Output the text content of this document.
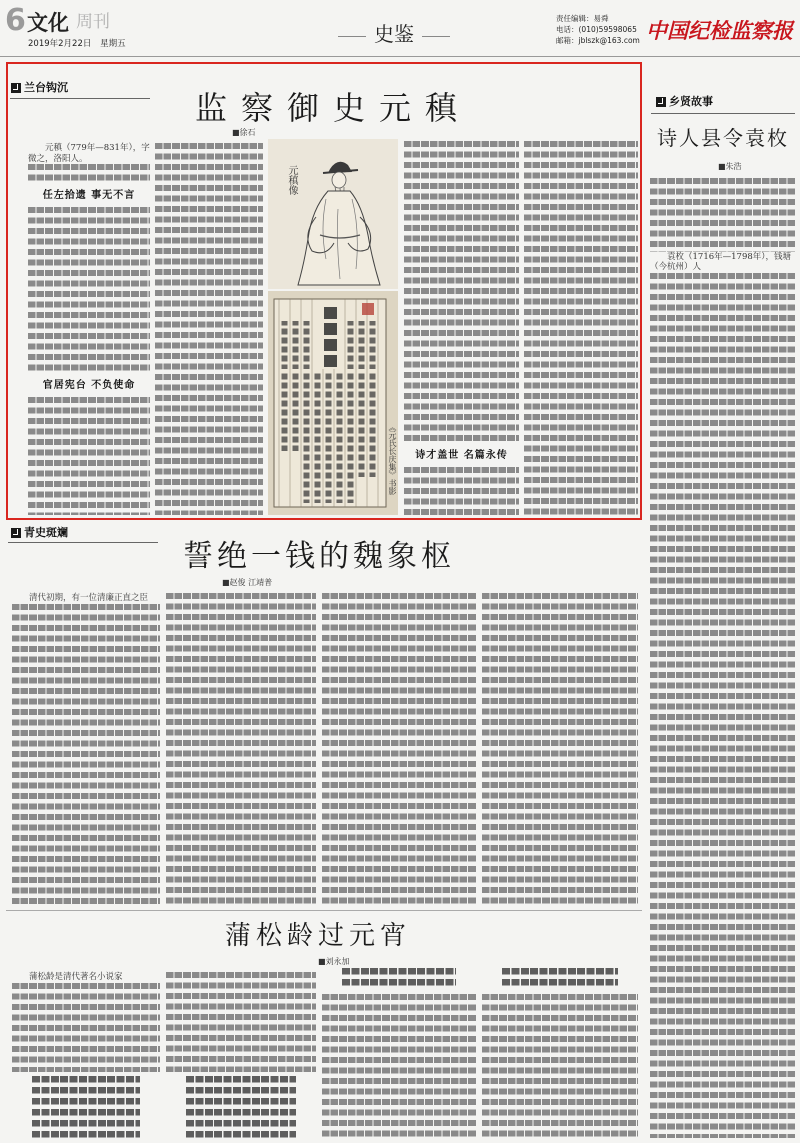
6 文化 周刊
2019年2月22日 星期五	史鉴
责任编辑：易舜
电话：(010)59598065
邮箱：jblszk@163.com 中国纪检监察报
兰台钩沉
监察御史元稹
■徐石

元稹（779年—831年），字微之，洛阳人。

任左拾遗 事无不言
官居宪台 不负使命
元稹像
《元氏长庆集》书影	诗才盖世 名篇永传
乡贤故事
诗人县令袁枚
■朱浩

袁枚（1716年—1798年），钱塘（今杭州）人

青史斑斓
誓绝一钱的魏象枢
■赵俊 江靖普

清代初期，有一位清廉正直之臣

蒲松龄过元宵
■刘永加

蒲松龄是清代著名小说家
